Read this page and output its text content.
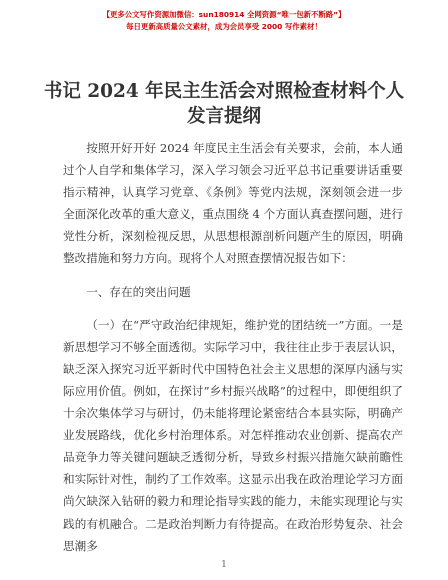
【更多公文写作资源加微信：sun180914 全网资源“唯一包新不断路”】
每日更新高质量公文素材，成为会员享受 2000 写作素材！
书记 2024 年民主生活会对照检查材料个人发言提纲

按照开好开好 2024 年度民主生活会有关要求，会前，本人通过个人自学和集体学习，深入学习领会习近平总书记重要讲话重要指示精神，认真学习党章、《条例》等党内法规，深刻领会进一步全面深化改革的重大意义，重点围绕 4 个方面认真查摆问题，进行党性分析，深刻检视反思，从思想根源剖析问题产生的原因，明确整改措施和努力方向。现将个人对照查摆情况报告如下：

一、存在的突出问题

（一）在“严守政治纪律规矩，维护党的团结统一”方面。一是新思想学习不够全面透彻。实际学习中，我往往止步于表层认识，缺乏深入探究习近平新时代中国特色社会主义思想的深厚内涵与实际应用价值。例如，在探讨”乡村振兴战略”的过程中，即便组织了十余次集体学习与研讨，仍未能将理论紧密结合本县实际，明确产业发展路线，优化乡村治理体系。对怎样推动农业创新、提高农产品竞争力等关键问题缺乏透彻分析，导致乡村振兴措施欠缺前瞻性和实际针对性，制约了工作效率。这显示出我在政治理论学习方面尚欠缺深入钻研的毅力和理论指导实践的能力，未能实现理论与实践的有机融合。二是政治判断力有待提高。在政治形势复杂、社会思潮多

1
